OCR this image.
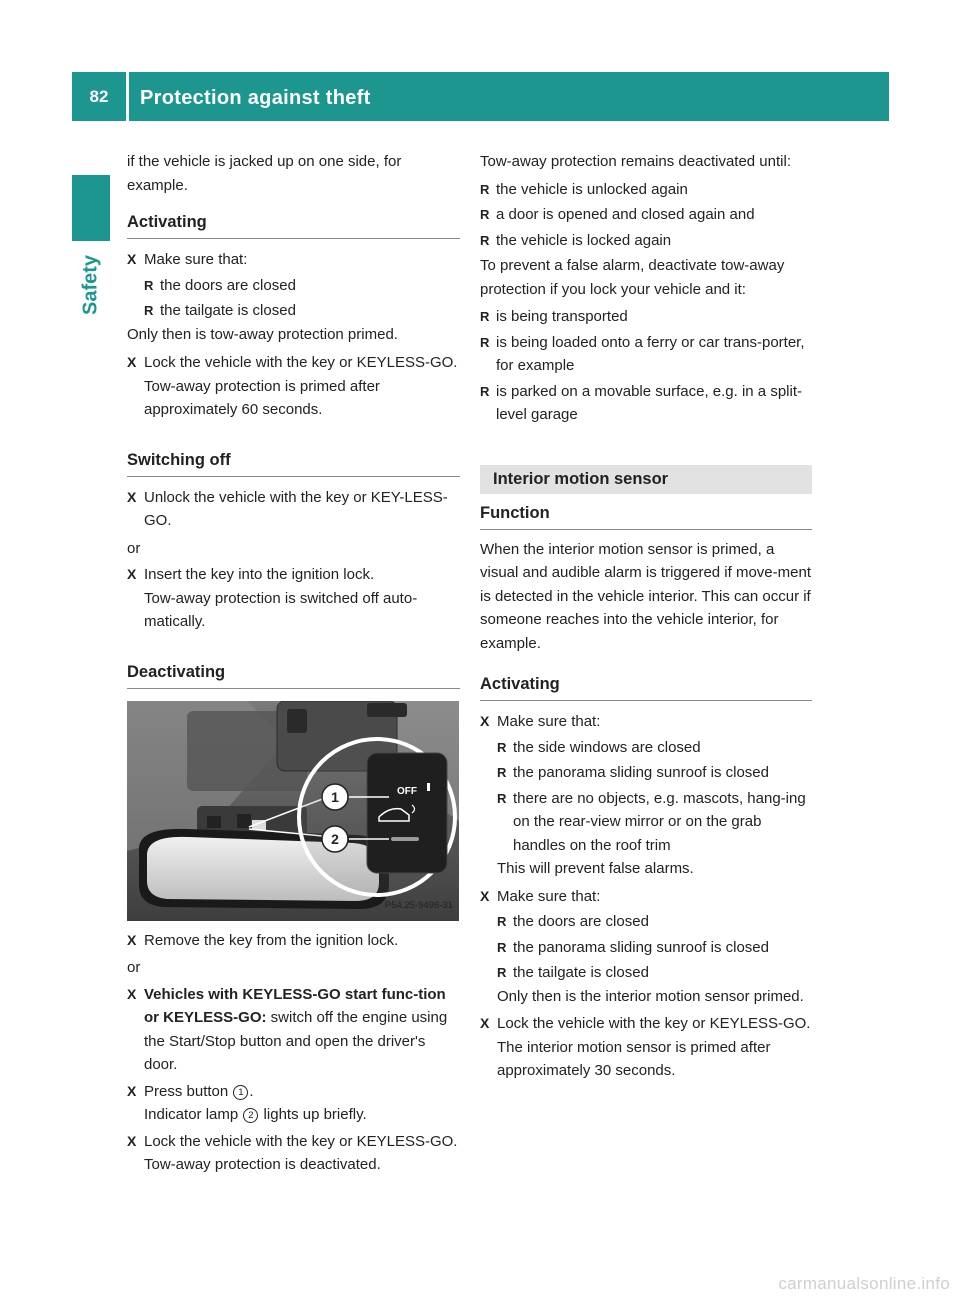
82	Protection against theft
Safety

if the vehicle is jacked up on one side, for example.

Activating
X Make sure that:
R the doors are closed
R the tailgate is closed
Only then is tow-away protection primed.
X Lock the vehicle with the key or KEYLESS-GO.
Tow-away protection is primed after approximately 60 seconds.
Switching off
X Unlock the vehicle with the key or KEY-LESS-GO.
or
X Insert the key into the ignition lock.
Tow-away protection is switched off auto-matically.
Deactivating
OFF
1
2
P54.25-9496-31
X Remove the key from the ignition lock.
or
X Vehicles with KEYLESS-GO start func-tion or KEYLESS-GO: switch off the engine using the Start/Stop button and open the driver's door.
X Press button 1 .
Indicator lamp 2 lights up briefly.
X Lock the vehicle with the key or KEYLESS-GO.
Tow-away protection is deactivated.

Tow-away protection remains deactivated until:

R the vehicle is unlocked again
R a door is opened and closed again and
R the vehicle is locked again

To prevent a false alarm, deactivate tow-away protection if you lock your vehicle and it:

R is being transported
R is being loaded onto a ferry or car trans-porter, for example
R is parked on a movable surface, e.g. in a split-level garage
Interior motion sensor
Function

When the interior motion sensor is primed, a visual and audible alarm is triggered if move-ment is detected in the vehicle interior. This can occur if someone reaches into the vehicle interior, for example.

Activating
X Make sure that:
R the side windows are closed
R the panorama sliding sunroof is closed
R there are no objects, e.g. mascots, hang-ing on the rear-view mirror or on the grab handles on the roof trim
This will prevent false alarms.
X Make sure that:
R the doors are closed
R the panorama sliding sunroof is closed
R the tailgate is closed
Only then is the interior motion sensor primed.
X Lock the vehicle with the key or KEYLESS-GO.
The interior motion sensor is primed after approximately 30 seconds.
carmanualsonline.info
